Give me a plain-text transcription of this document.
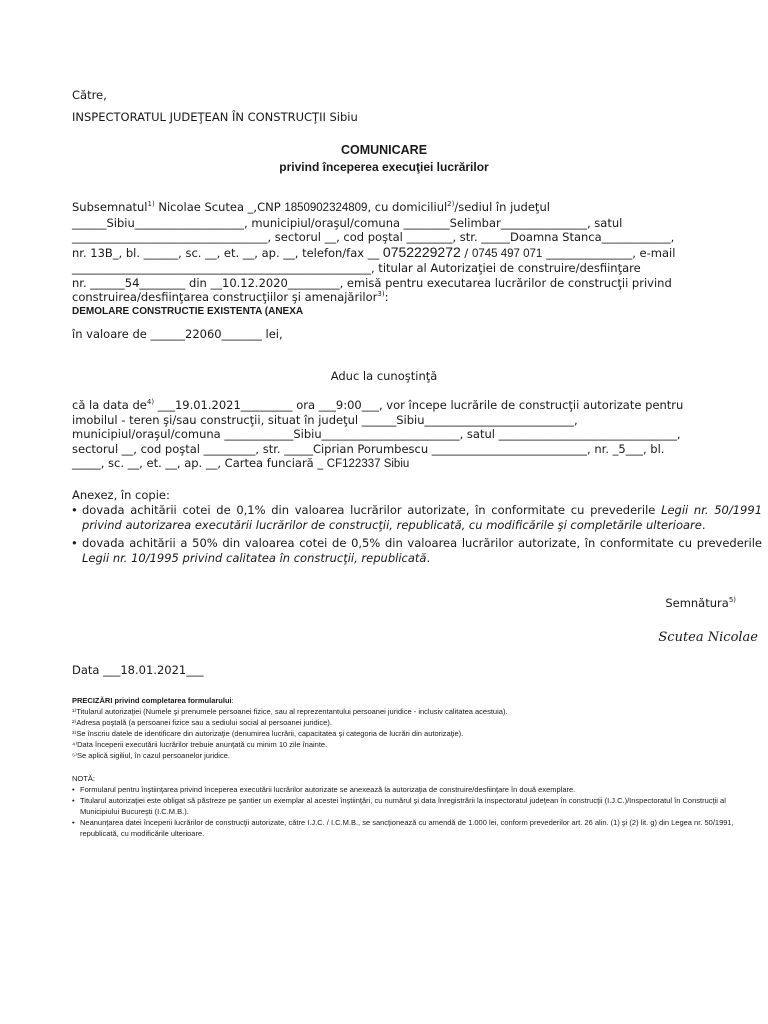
Către,
INSPECTORATUL JUDEŢEAN ÎN CONSTRUCŢII Sibiu
COMUNICARE
privind începerea execuţiei lucrărilor
Subsemnatul$^{1)}$ Nicolae Scutea _,CNP 1850902324809, cu domiciliul$^{2)}$/sediul în judeţul
______Sibiu___________________, municipiul/oraşul/comuna ________Selimbar_______________, satul
__________________________________, sectorul __, cod poştal ________, str. _____Doamna Stanca____________,
nr. 13B_, bl. ______, sc. __, et. __, ap. __, telefon/fax __ 0752229272 / 0745 497 071 _______________, e-mail
____________________________________________________, titular al Autorizaţiei de construire/desfiinţare
nr. ______54________ din __10.12.2020_________, emisă pentru executarea lucrărilor de construcţii privind
construirea/desfiinţarea construcţiilor şi amenajărilor$^{3)}$:
DEMOLARE CONSTRUCTIE EXISTENTA (ANEXA
în valoare de ______22060_______ lei,
Aduc la cunoştinţă
că la data $de^{4)}$ ___19.01.2021_________ ora ___9:00___, vor începe lucrările de construcţii autorizate pentru
imobilul - teren şi/sau construcţii, situat în judeţul ______Sibiu__________________________,
municipiul/oraşul/comuna ____________Sibiu________________________, satul _______________________________,
sectorul __, cod poştal _________, str. _____Ciprian Porumbescu ___________________________, nr. _5___, bl.
_____, sc. __, et. __, ap. __, Cartea funciară _ CF122337 Sibiu
Anexez, în copie:
• dovada achitării cotei de 0,1% din valoarea lucrărilor autorizate, în conformitate cu prevederile Legii nr. 50/1991 privind autorizarea executării lucrărilor de construcţii, republicată, cu modificările şi completările ulterioare.
• dovada achitării a 50% din valoarea cotei de 0,5% din valoarea lucrărilor autorizate, în conformitate cu prevederile Legii nr. 10/1995 privind calitatea în construcţii, republicată.
Semnătura$^{5)}$
Scutea Nicolae
Data ___18.01.2021___
PRECIZĂRI privind completarea formularului:
¹⁾Titularul autorizaţiei (Numele şi prenumele persoanei fizice, sau al reprezentantului persoanei juridice - inclusiv calitatea acestuia).
²⁾Adresa poştală (a persoanei fizice sau a sediului social al persoanei juridice).
³⁾Se înscriu datele de identificare din autorizaţie (denumirea lucrării, capacitatea şi categoria de lucrări din autorizaţie).
⁴⁾Data începerii executării lucrărilor trebuie anunţată cu minim 10 zile înainte.
⁵⁾Se aplică sigiliul, în cazul persoanelor juridice.
NOTĂ:
• Formularul pentru înştiinţarea privind începerea executării lucrărilor autorizate se anexează la autorizaţia de construire/desfiinţare în două exemplare.
• Titularul autorizaţiei este obligat să păstreze pe şantier un exemplar al acestei înştiinţări, cu numărul şi data înregistrării la inspectoratul judeţean în construcţii (I.J.C.)/Inspectoratul în Construcţii al Municipiului Bucureşti (I.C.M.B.).
• Neanunţarea datei începerii lucrărilor de construcţii autorizate, către I.J.C. / I.C.M.B., se sancţionează cu amendă de 1.000 lei, conform prevederilor art. 26 alin. (1) şi (2) lit. g) din Legea nr. 50/1991, republicată, cu modificările ulterioare.
